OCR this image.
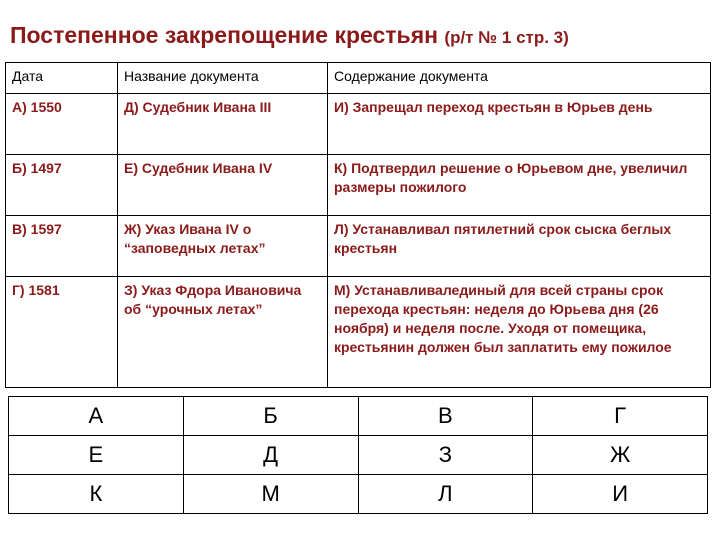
Постепенное закрепощение крестьян (р/т № 1 стр. 3)
Дата	Название документа	Содержание документа
А) 1550	Д) Судебник Ивана III	И) Запрещал переход крестьян в Юрьев день
Б) 1497	Е) Судебник Ивана IV	К) Подтвердил решение о Юрьевом дне, увеличил размеры пожилого
В) 1597	Ж) Указ Ивана IV о “заповедных летах”	Л) Устанавливал пятилетний срок сыска беглых крестьян
Г) 1581	З) Указ Фдора Ивановича об “урочных летах”	М) Устанавливалединый для всей страны срок перехода крестьян: неделя до Юрьева дня (26 ноября) и неделя после. Уходя от помещика, крестьянин должен был заплатить ему пожилое
А	Б	В	Г
Е	Д	З	Ж
К	М	Л	И
